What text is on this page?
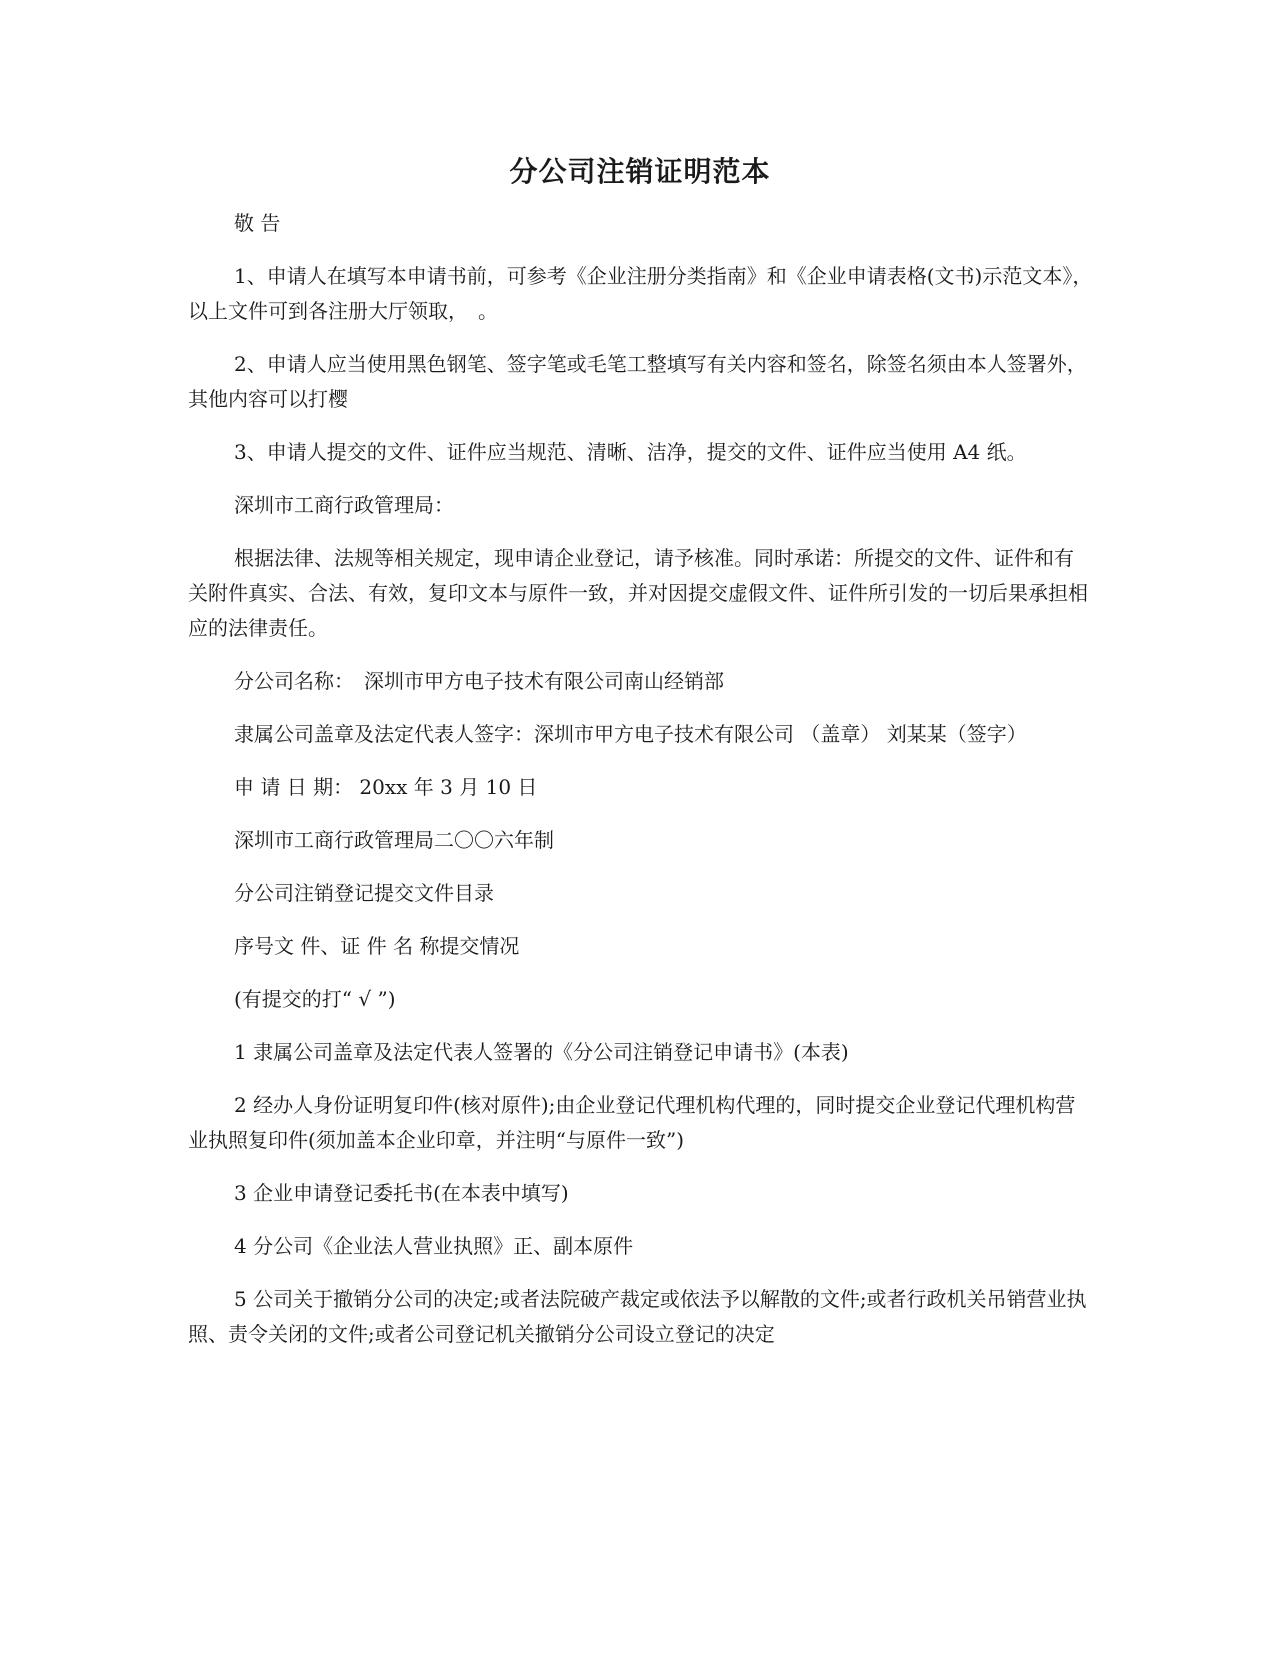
分公司注销证明范本

敬 告

1、申请人在填写本申请书前，可参考《企业注册分类指南》和《企业申请表格(文书)示范文本》，以上文件可到各注册大厅领取，　。

2、申请人应当使用黑色钢笔、签字笔或毛笔工整填写有关内容和签名，除签名须由本人签署外，其他内容可以打樱

3、申请人提交的文件、证件应当规范、清晰、洁净，提交的文件、证件应当使用 A4 纸。

深圳市工商行政管理局：

根据法律、法规等相关规定，现申请企业登记，请予核准。同时承诺：所提交的文件、证件和有关附件真实、合法、有效，复印文本与原件一致，并对因提交虚假文件、证件所引发的一切后果承担相应的法律责任。

分公司名称：　深圳市甲方电子技术有限公司南山经销部

隶属公司盖章及法定代表人签字：深圳市甲方电子技术有限公司 （盖章） 刘某某（签字）

申 请 日 期： 20xx 年 3 月 10 日

深圳市工商行政管理局二〇〇六年制

分公司注销登记提交文件目录

序号文 件、证 件 名 称提交情况

(有提交的打“ √ ”)

1 隶属公司盖章及法定代表人签署的《分公司注销登记申请书》(本表)

2 经办人身份证明复印件(核对原件);由企业登记代理机构代理的，同时提交企业登记代理机构营业执照复印件(须加盖本企业印章，并注明“与原件一致”)

3 企业申请登记委托书(在本表中填写)

4 分公司《企业法人营业执照》正、副本原件

5 公司关于撤销分公司的决定;或者法院破产裁定或依法予以解散的文件;或者行政机关吊销营业执照、责令关闭的文件;或者公司登记机关撤销分公司设立登记的决定
